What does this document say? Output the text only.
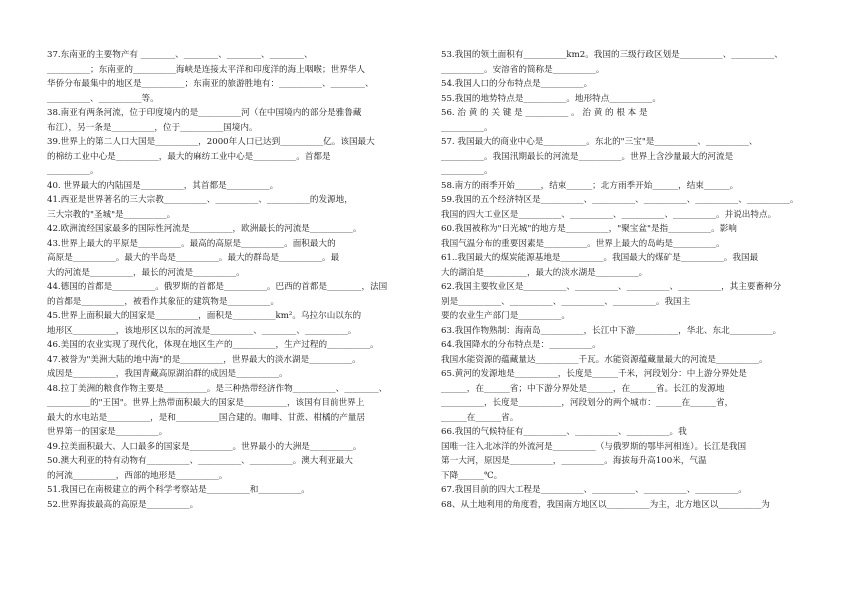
37.东南亚的主要物产有 ________、________、________、________、
__________；东南亚的__________海峡是连接太平洋和印度洋的海上咽喉；世界华人
华侨分布最集中的地区是__________；东南亚的旅游胜地有：__________、________、
__________、__________等。
38.南亚有两条河流，位于印度境内的是__________河（在中国境内的部分是雅鲁藏
布江），另一条是__________，位于__________国境内。
39.世界上的第二人口大国是__________，2000年人口已达到__________亿。该国最大
的棉纺工业中心是__________，最大的麻纺工业中心是__________。首都是
__________。
40. 世界最大的内陆国是__________，其首都是__________。
41.西亚是世界著名的三大宗教__________、__________、__________的发源地，
三大宗教的"圣城"是__________。
42.欧洲流经国家最多的国际性河流是__________，欧洲最长的河流是__________。
43.世界上最大的平原是__________。最高的高原是__________。面积最大的
高原是__________。最大的半岛是__________。最大的群岛是__________。最
大的河流是__________，最长的河流是__________。
44.德国的首都是__________。俄罗斯的首都是__________。巴西的首都是________，法国
的首都是__________，被看作其象征的建筑物是__________。
45.世界上面积最大的国家是__________，面积是__________km²。乌拉尔山以东的
地形区__________，该地形区以东的河流是__________、________、__________。
46.美国的农业实现了现代化，体现在地区生产的__________，生产过程的__________。
47.被誉为"美洲大陆的地中海"的是__________，世界最大的淡水湖是__________。
成因是__________，我国青藏高原湖泊群的成因是__________。
48.拉丁美洲的粮食作物主要是__________。是三种热带经济作物__________、________、
__________的"王国"。世界上热带面积最大的国家是__________，该国有目前世界上
最大的水电站是__________，是和__________国合建的。咖啡、甘蔗、柑橘的产量居
世界第一的国家是__________。
49.拉美面积最大、人口最多的国家是__________。世界最小的大洲是__________。
50.澳大利亚的特有动物有__________、__________、__________。澳大利亚最大
的河流__________，西部的地形是__________。
51.我国已在南极建立的两个科学考察站是__________和__________。
52.世界海拔最高的高原是__________。
53.我国的领土面积有__________km2。我国的三级行政区划是__________、__________、
__________。安溶省的简称是__________。
54.我国人口的分布特点是__________。
55.我国的地势特点是__________。地形特点__________。
56. 治 黄 的 关 键 是 __________ 。 治 黄 的 根 本 是
__________。
57. 我国最大的商业中心是__________。东北的"三宝"是__________、__________、
__________。我国汛期最长的河流是__________。世界上含沙量最大的河流是
__________。
58.南方的雨季开始______，结束______；北方雨季开始______，结束______。
59.我国的五个经济特区是__________、__________、__________、__________、__________。
我国的四大工业区是__________、__________、__________、__________。并说出特点。
60.我国被称为"日光城"的地方是__________，"聚宝盆"是指__________。影响
我国气温分布的重要因素是__________。世界上最大的岛屿是__________。
61..我国最大的煤炭能源基地是__________。我国最大的煤矿是__________。我国最
大的湖泊是__________，最大的淡水湖是__________。
62.我国主要牧业区是__________、__________、__________、__________，其主要畜种分
别是__________、__________、__________、__________。我国主
要的农业生产部门是__________。
63.我国作物熟制：海南岛__________，长江中下游__________，华北、东北__________。
64.我国降水的分布特点是：__________。
我国水能资源的蕴藏量达__________千瓦。水能资源蕴藏量最大的河流是__________。
65.黄河的发源地是__________，长度是______千米，河段划分：中上游分界处是
______，在______省；中下游分界处是______，在______省。长江的发源地
__________，长度是__________，河段划分的两个城市：______在______省，
______在______省。
66.我国的气候特征有__________、__________、__________。我
国唯一注入北冰洋的外流河是__________（与俄罗斯的鄂毕河相连）。长江是我国
第一大河，原因是__________，__________。海拔每升高100米，气温
下降______℃。
67.我国目前的四大工程是__________、__________、__________、__________。
68、从土地利用的角度看，我国南方地区以__________为主，北方地区以__________为
